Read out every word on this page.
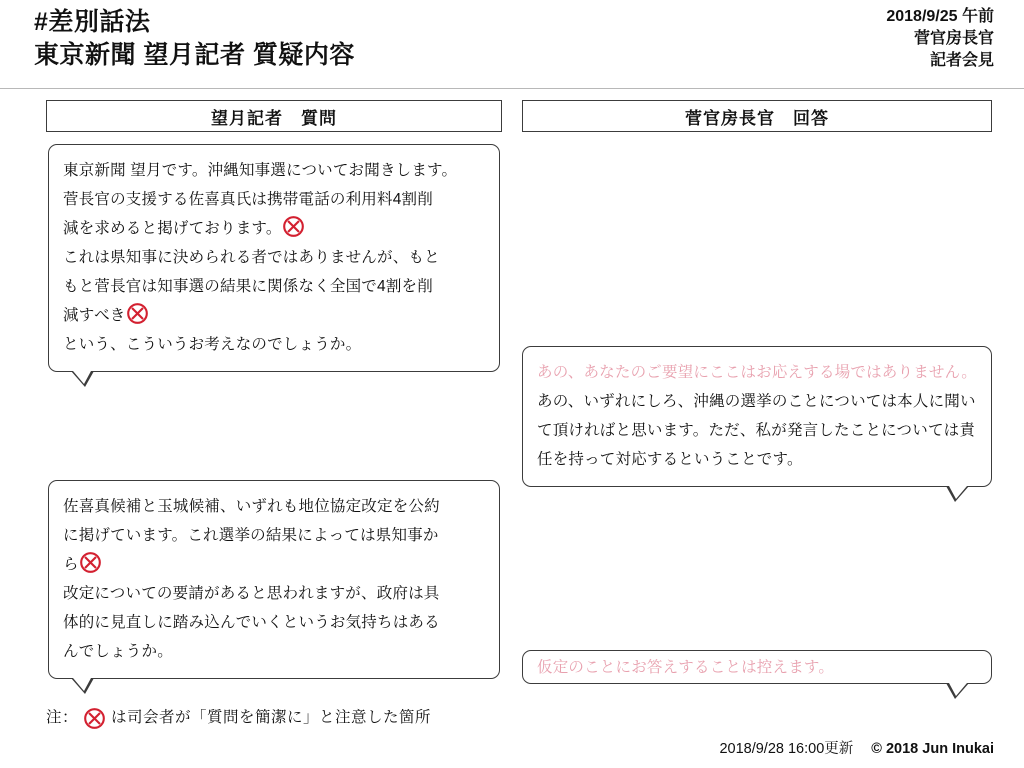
#差別話法
東京新聞 望月記者 質疑内容
2018/9/25 午前
菅官房長官
記者会見
望月記者　質問	菅官房長官　回答
東京新聞 望月です。沖縄知事選についてお聞きします。
菅長官の支援する佐喜真氏は携帯電話の利用料4割削
減を求めると掲げております。
これは県知事に決められる者ではありませんが、もと
もと菅長官は知事選の結果に関係なく全国で4割を削
減すべき
という、こういうお考えなのでしょうか。
佐喜真候補と玉城候補、いずれも地位協定改定を公約
に掲げています。これ選挙の結果によっては県知事か
ら
改定についての要請があると思われますが、政府は具
体的に見直しに踏み込んでいくというお気持ちはある
んでしょうか。
あの、あなたのご要望にここはお応えする場ではありません。あの、いずれにしろ、沖縄の選挙のことについては本人に聞いて頂ければと思います。ただ、私が発言したことについては責任を持って対応するということです。
仮定のことにお答えすることは控えます。
注： は司会者が「質問を簡潔に」と注意した箇所
2018/9/28 16:00更新 © 2018 Jun Inukai
